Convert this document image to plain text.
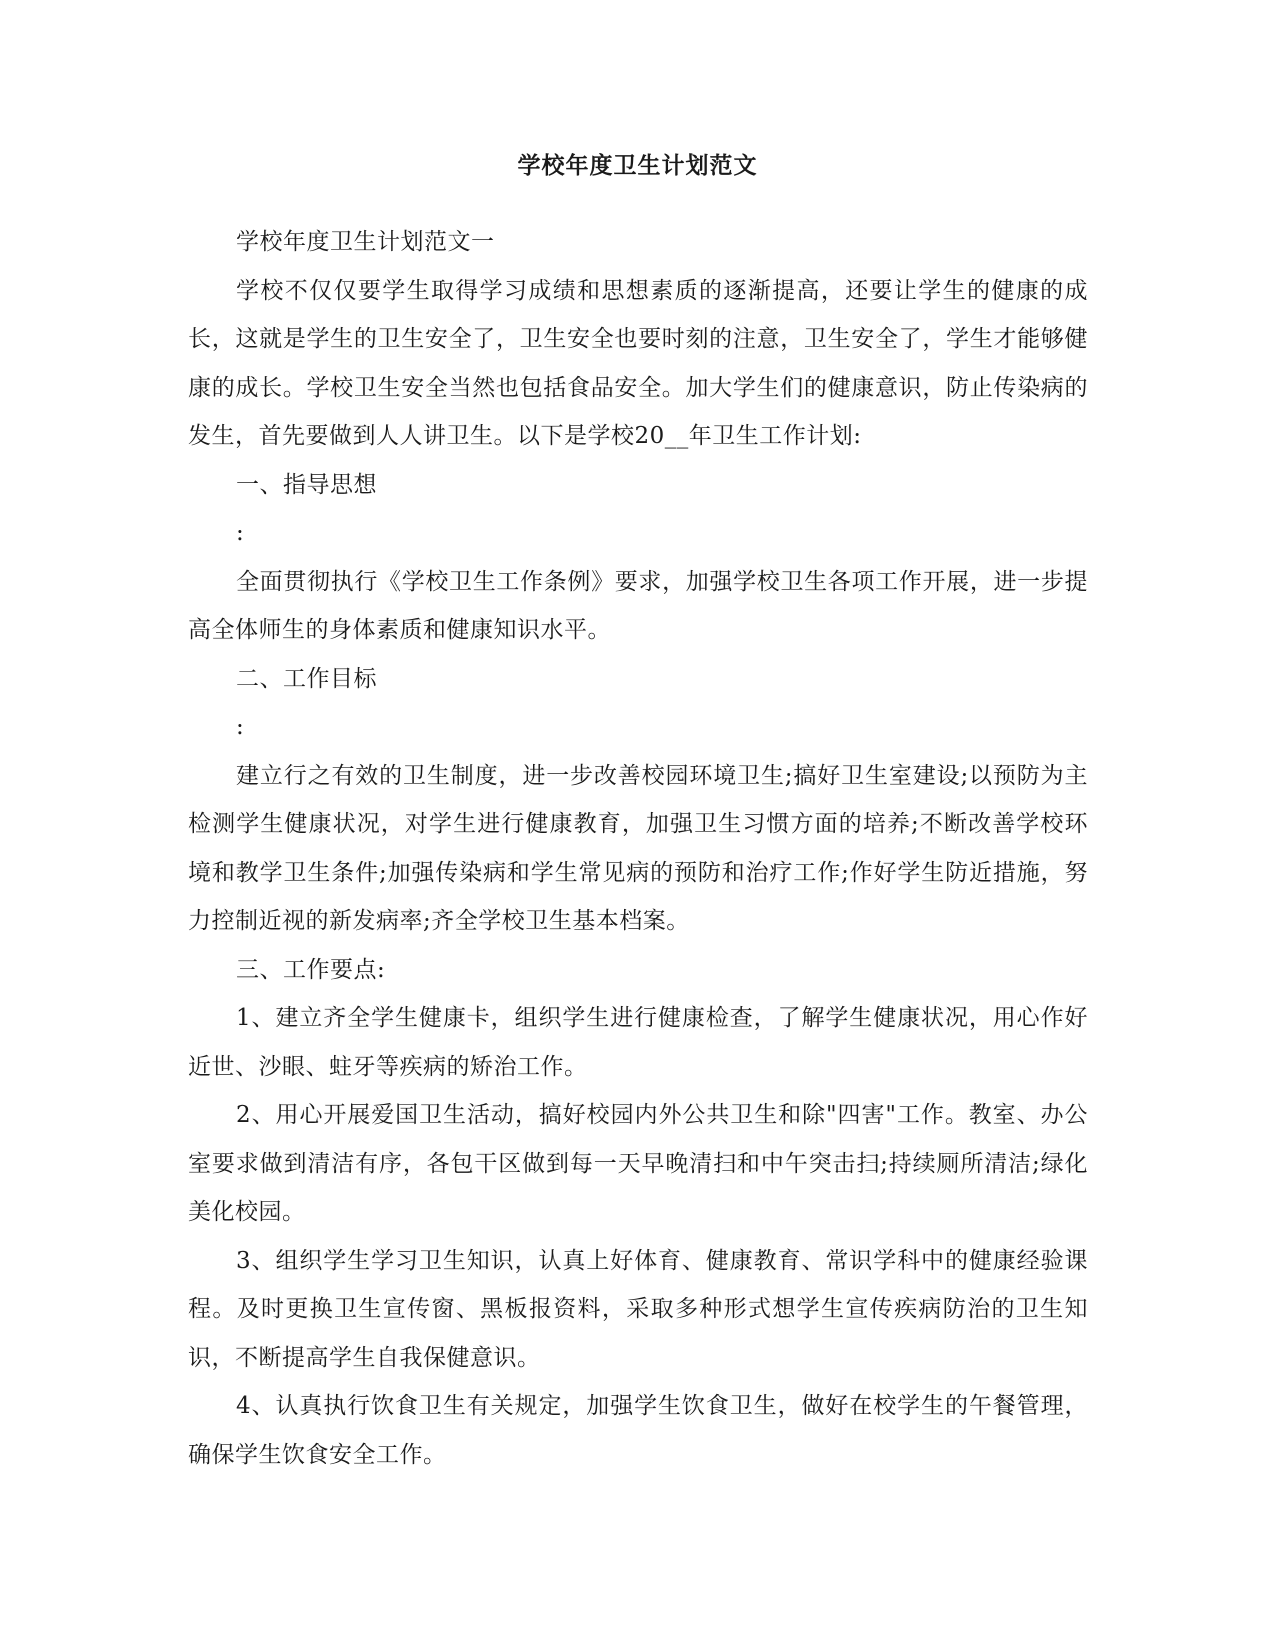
学校年度卫生计划范文

学校年度卫生计划范文一

学校不仅仅要学生取得学习成绩和思想素质的逐渐提高，还要让学生的健康的成长，这就是学生的卫生安全了，卫生安全也要时刻的注意，卫生安全了，学生才能够健康的成长。学校卫生安全当然也包括食品安全。加大学生们的健康意识，防止传染病的发生，首先要做到人人讲卫生。以下是学校20__年卫生工作计划:

一、指导思想

:

全面贯彻执行《学校卫生工作条例》要求，加强学校卫生各项工作开展，进一步提高全体师生的身体素质和健康知识水平。

二、工作目标

:

建立行之有效的卫生制度，进一步改善校园环境卫生;搞好卫生室建设;以预防为主检测学生健康状况，对学生进行健康教育，加强卫生习惯方面的培养;不断改善学校环境和教学卫生条件;加强传染病和学生常见病的预防和治疗工作;作好学生防近措施，努力控制近视的新发病率;齐全学校卫生基本档案。

三、工作要点:

1、建立齐全学生健康卡，组织学生进行健康检查，了解学生健康状况，用心作好近世、沙眼、蛀牙等疾病的矫治工作。

2、用心开展爱国卫生活动，搞好校园内外公共卫生和除"四害"工作。教室、办公室要求做到清洁有序，各包干区做到每一天早晚清扫和中午突击扫;持续厕所清洁;绿化美化校园。

3、组织学生学习卫生知识，认真上好体育、健康教育、常识学科中的健康经验课程。及时更换卫生宣传窗、黑板报资料，采取多种形式想学生宣传疾病防治的卫生知识，不断提高学生自我保健意识。

4、认真执行饮食卫生有关规定，加强学生饮食卫生，做好在校学生的午餐管理，确保学生饮食安全工作。
